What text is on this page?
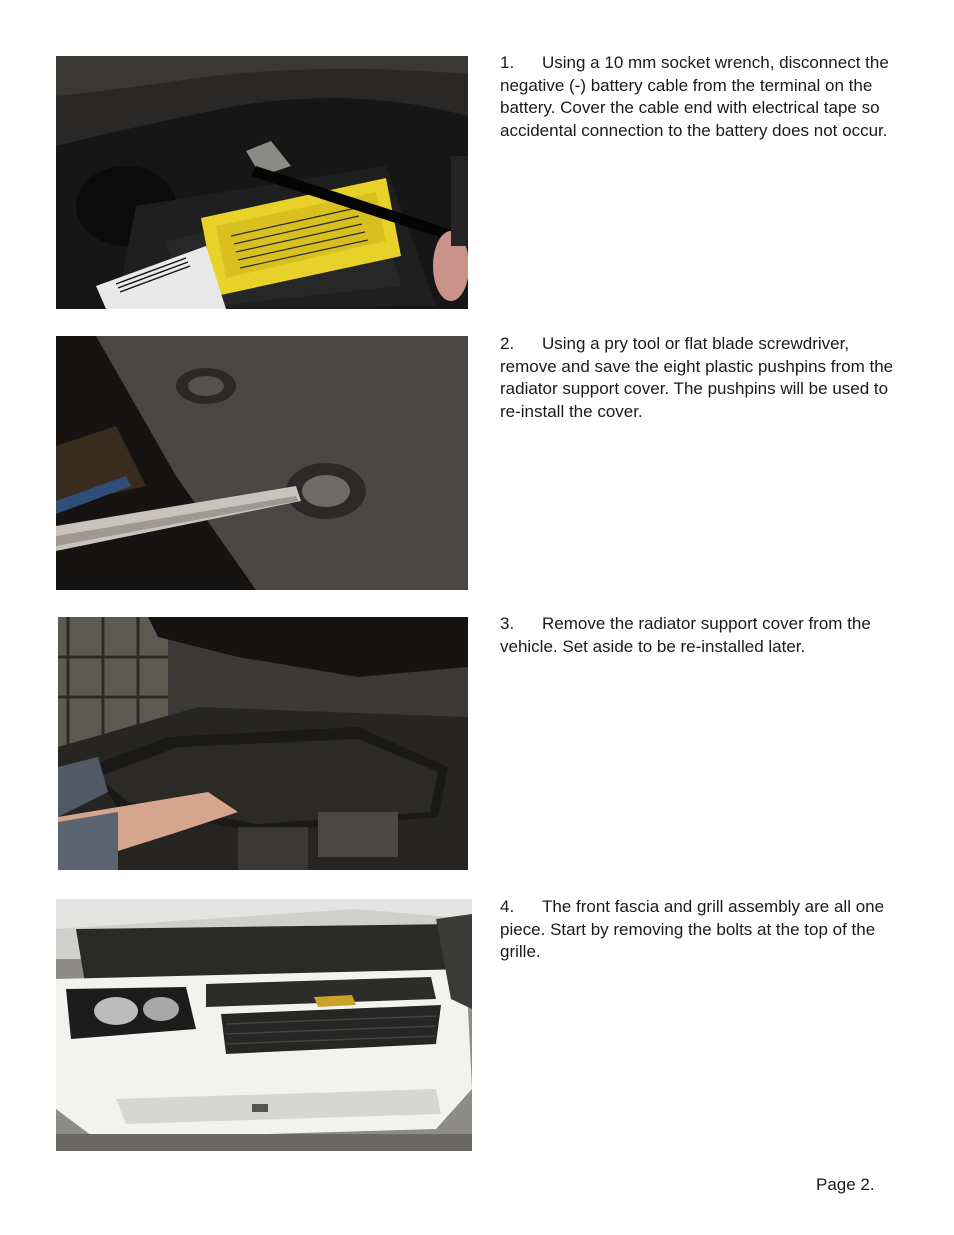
1. Using a 10 mm socket wrench, disconnect the negative (-) battery cable from the terminal on the battery. Cover the cable end with electrical tape so accidental connection to the battery does not occur.

2. Using a pry tool or flat blade screwdriver, remove and save the eight plastic pushpins from the radiator support cover. The pushpins will be used to re-install the cover.

3. Remove the radiator support cover from the vehicle. Set aside to be re-installed later.

4. The front fascia and grill assembly are all one piece. Start by removing the bolts at the top of the grille.

Page 2.
